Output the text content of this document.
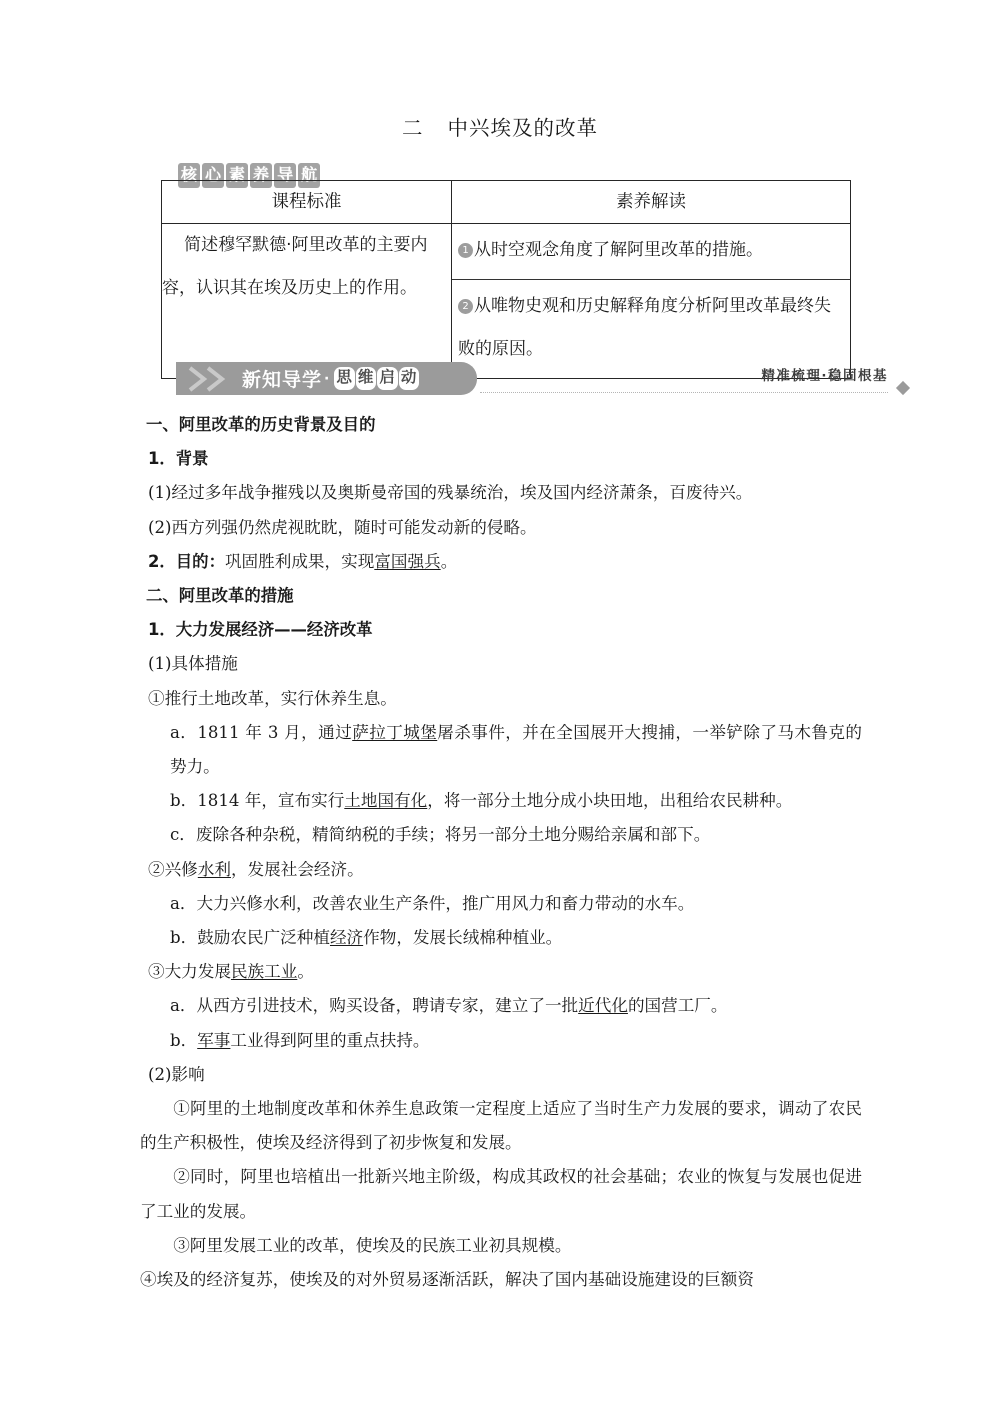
二 中兴埃及的改革
核 心 素 养 导 航
课程标准	素养解读
简述穆罕默德·阿里改革的主要内容，认识其在埃及历史上的作用。	1 从时空观念角度了解阿里改革的措施。
2 从唯物史观和历史解释角度分析阿里改革最终失败的原因。
新知导学 · 思 维 启 动	精准梳理·稳固根基

一、阿里改革的历史背景及目的

1．背景

(1)经过多年战争摧残以及奥斯曼帝国的残暴统治，埃及国内经济萧条，百废待兴。

(2)西方列强仍然虎视眈眈，随时可能发动新的侵略。

2．目的：巩固胜利成果，实现富国强兵。

二、阿里改革的措施

1．大力发展经济——经济改革

(1)具体措施

①推行土地改革，实行休养生息。

a．1811 年 3 月，通过萨拉丁城堡屠杀事件，并在全国展开大搜捕，一举铲除了马木鲁克的势力。

b．1814 年，宣布实行土地国有化，将一部分土地分成小块田地，出租给农民耕种。

c．废除各种杂税，精简纳税的手续；将另一部分土地分赐给亲属和部下。

②兴修水利，发展社会经济。

a．大力兴修水利，改善农业生产条件，推广用风力和畜力带动的水车。

b．鼓励农民广泛种植经济作物，发展长绒棉种植业。

③大力发展民族工业。

a．从西方引进技术，购买设备，聘请专家，建立了一批近代化的国营工厂。

b．军事工业得到阿里的重点扶持。

(2)影响

①阿里的土地制度改革和休养生息政策一定程度上适应了当时生产力发展的要求，调动了农民的生产积极性，使埃及经济得到了初步恢复和发展。

②同时，阿里也培植出一批新兴地主阶级，构成其政权的社会基础；农业的恢复与发展也促进了工业的发展。

③阿里发展工业的改革，使埃及的民族工业初具规模。

④埃及的经济复苏，使埃及的对外贸易逐渐活跃，解决了国内基础设施建设的巨额资
